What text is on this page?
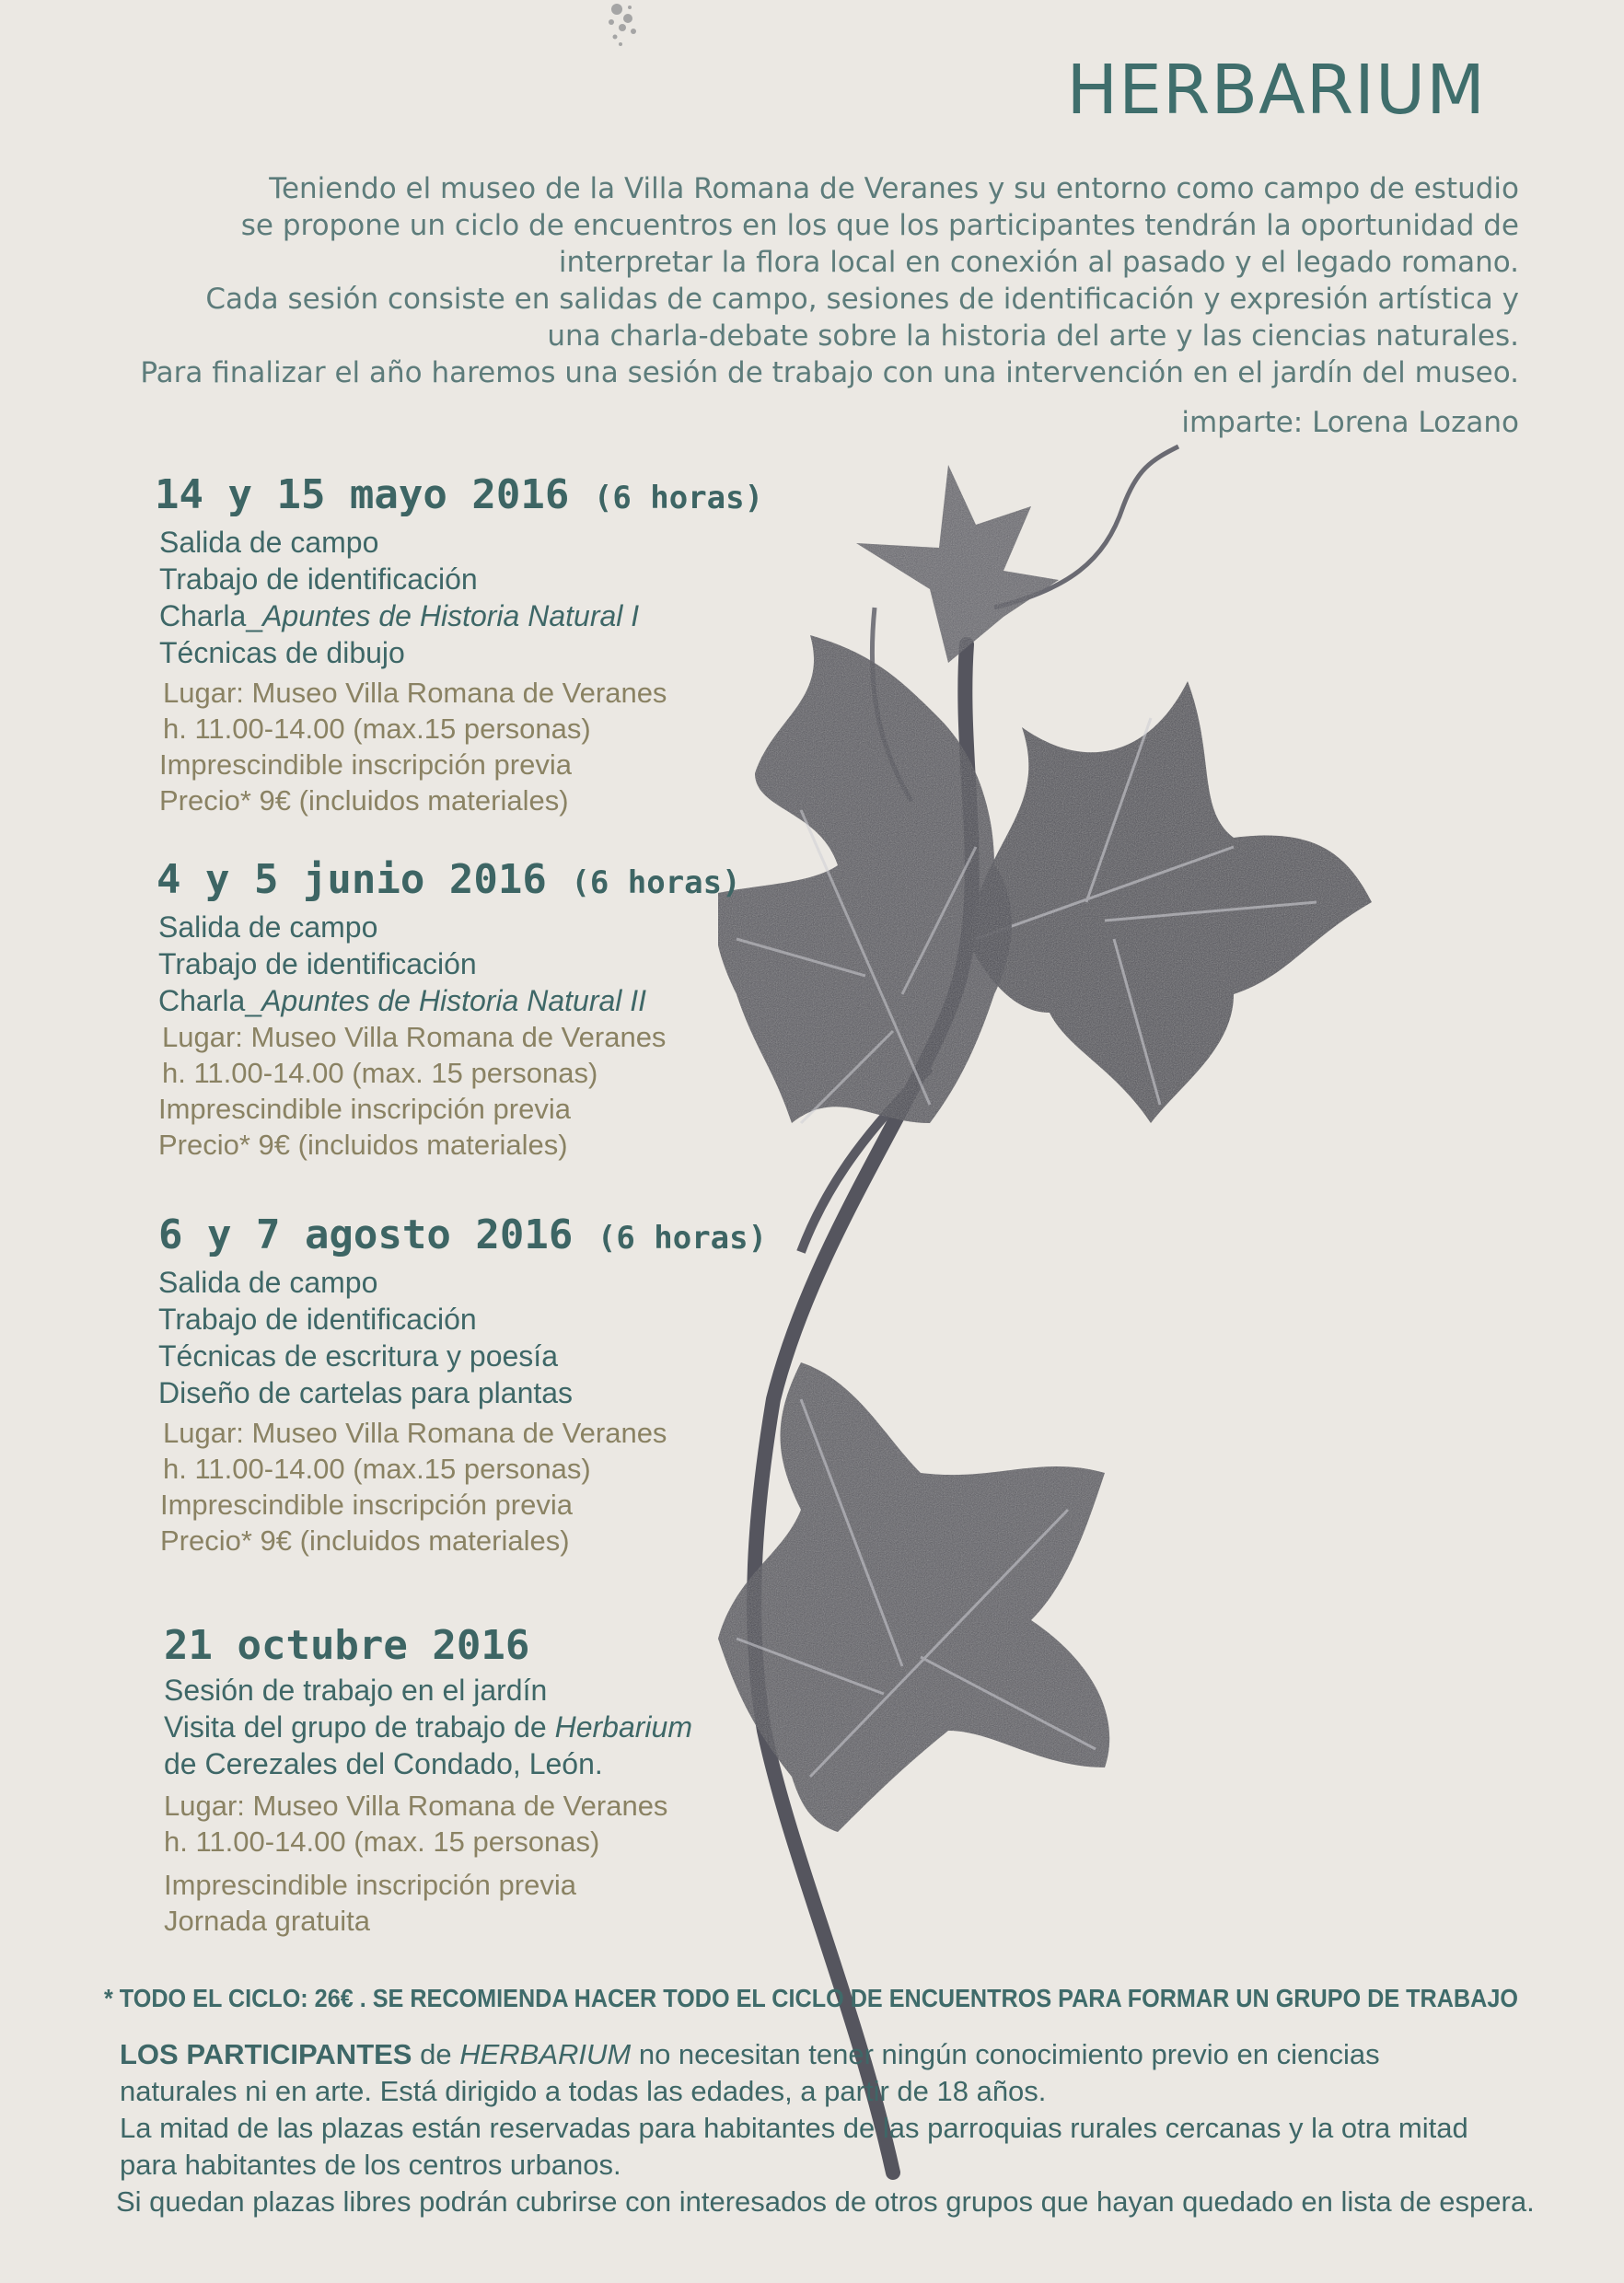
HERBARIUM
Teniendo el museo de la Villa Romana de Veranes y su entorno como campo de estudio
se propone un ciclo de encuentros en los que los participantes tendrán la oportunidad de
interpretar la flora local en conexión al pasado y el legado romano.
Cada sesión consiste en salidas de campo, sesiones de identificación y expresión artística y
una charla-debate sobre la historia del arte y las ciencias naturales.
Para finalizar el año haremos una sesión de trabajo con una intervención en el jardín del museo.
imparte: Lorena Lozano
14 y 15 mayo 2016 (6 horas)
Salida de campo
Trabajo de identificación
Charla_Apuntes de Historia Natural I
Técnicas de dibujo
Lugar: Museo Villa Romana de Veranes
h. 11.00-14.00 (max.15 personas)
Imprescindible inscripción previa
Precio* 9€ (incluidos materiales)
4 y 5 junio 2016 (6 horas)
Salida de campo
Trabajo de identificación
Charla_Apuntes de Historia Natural II
Lugar: Museo Villa Romana de Veranes
h. 11.00-14.00 (max. 15 personas)
Imprescindible inscripción previa
Precio* 9€ (incluidos materiales)
6 y 7 agosto 2016 (6 horas)
Salida de campo
Trabajo de identificación
Técnicas de escritura y poesía
Diseño de cartelas para plantas
Lugar: Museo Villa Romana de Veranes
h. 11.00-14.00 (max.15 personas)
Imprescindible inscripción previa
Precio* 9€ (incluidos materiales)
21 octubre 2016
Sesión de trabajo en el jardín
Visita del grupo de trabajo de Herbarium
de Cerezales del Condado, León.
Lugar: Museo Villa Romana de Veranes
h. 11.00-14.00 (max. 15 personas)
Imprescindible inscripción previa
Jornada gratuita
* TODO EL CICLO: 26€ . SE RECOMIENDA HACER TODO EL CICLO DE ENCUENTROS PARA FORMAR UN GRUPO DE TRABAJO
LOS PARTICIPANTES de HERBARIUM no necesitan tener ningún conocimiento previo en ciencias
naturales ni en arte. Está dirigido a todas las edades, a partir de 18 años.
La mitad de las plazas están reservadas para habitantes de las parroquias rurales cercanas y la otra mitad
para habitantes de los centros urbanos.
Si quedan plazas libres podrán cubrirse con interesados de otros grupos que hayan quedado en lista de espera.
